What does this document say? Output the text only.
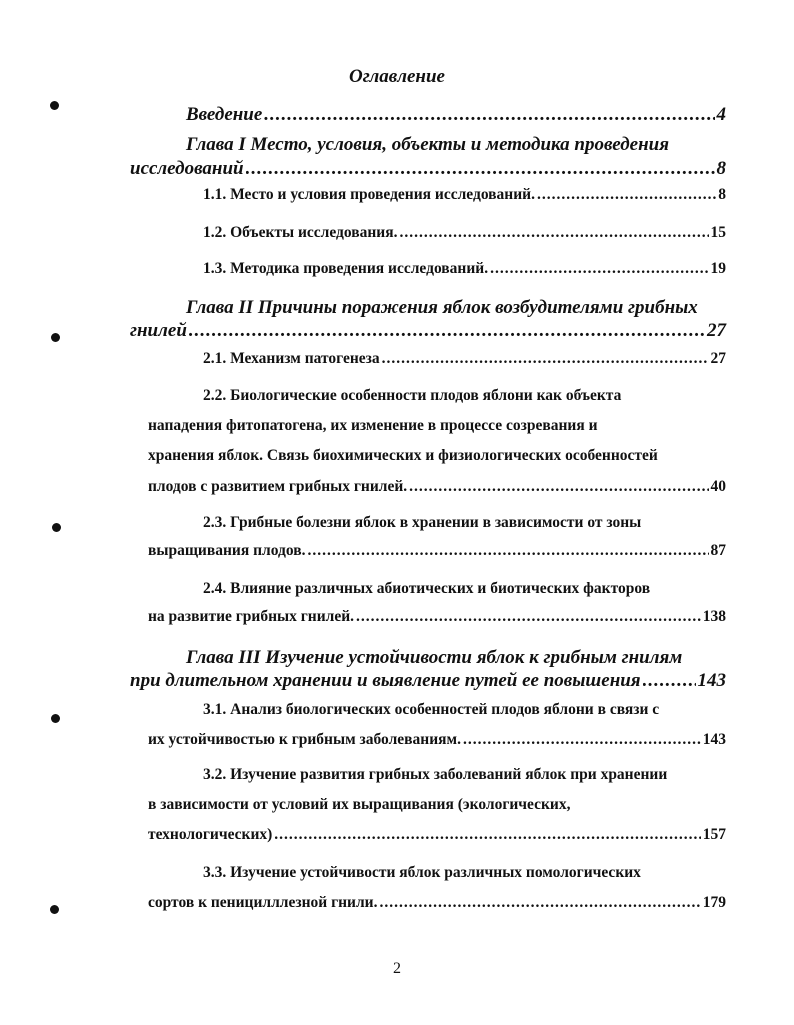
Оглавление
Введение .....	4
Глава I Место, условия, объекты и методика проведения
исследований .....	8
1.1. Место и условия проведения исследований. .....	8
1.2. Объекты исследования. .....	15
1.3. Методика проведения исследований. .....	19
Глава II Причины поражения яблок возбудителями грибных
гнилей .....	27
2.1. Механизм патогенеза .....	27
2.2. Биологические особенности плодов яблони как объекта
нападения фитопатогена, их изменение в процессе созревания и
хранения яблок. Связь биохимических и физиологических особенностей
плодов с развитием грибных гнилей. .....	40
2.3. Грибные болезни яблок в хранении в зависимости от зоны
выращивания плодов. .....	87
2.4. Влияние различных абиотических и биотических факторов
на развитие грибных гнилей. .....	138
Глава III Изучение устойчивости яблок к грибным гнилям
при длительном хранении и выявление путей ее повышения .....	143
3.1. Анализ биологических особенностей плодов яблони в связи с
их устойчивостью к грибным заболеваниям. .....	143
3.2. Изучение развития грибных заболеваний яблок при хранении
в зависимости от условий их выращивания (экологических,
технологических) .....	157
3.3. Изучение устойчивости яблок различных помологических
сортов к пеницилллезной гнили. .....	179
2
